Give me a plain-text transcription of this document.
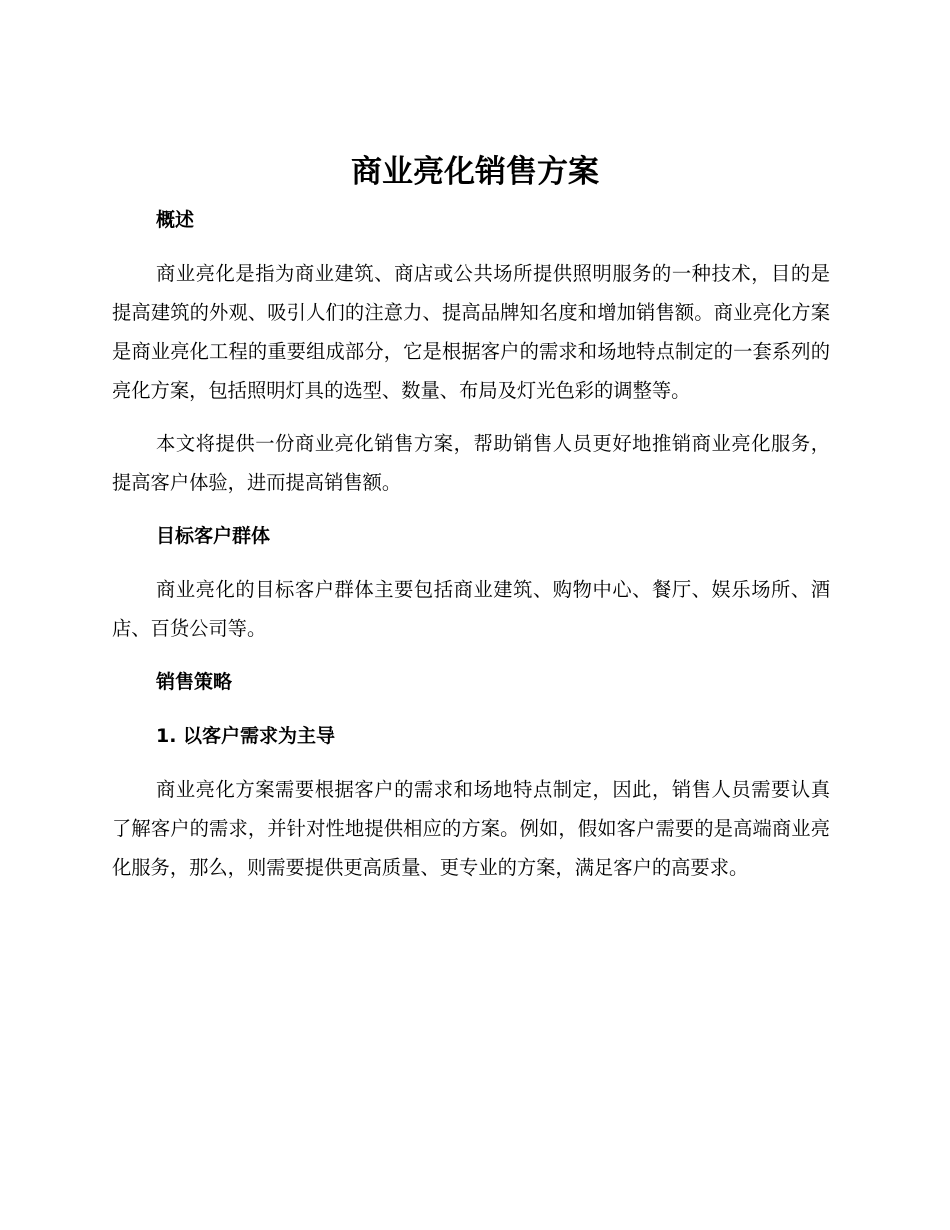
商业亮化销售方案
概述

商业亮化是指为商业建筑、商店或公共场所提供照明服务的一种技术，目的是提高建筑的外观、吸引人们的注意力、提高品牌知名度和增加销售额。商业亮化方案是商业亮化工程的重要组成部分，它是根据客户的需求和场地特点制定的一套系列的亮化方案，包括照明灯具的选型、数量、布局及灯光色彩的调整等。

本文将提供一份商业亮化销售方案，帮助销售人员更好地推销商业亮化服务，提高客户体验，进而提高销售额。

目标客户群体

商业亮化的目标客户群体主要包括商业建筑、购物中心、餐厅、娱乐场所、酒店、百货公司等。

销售策略
1. 以客户需求为主导

商业亮化方案需要根据客户的需求和场地特点制定，因此，销售人员需要认真了解客户的需求，并针对性地提供相应的方案。例如，假如客户需要的是高端商业亮化服务，那么，则需要提供更高质量、更专业的方案，满足客户的高要求。
